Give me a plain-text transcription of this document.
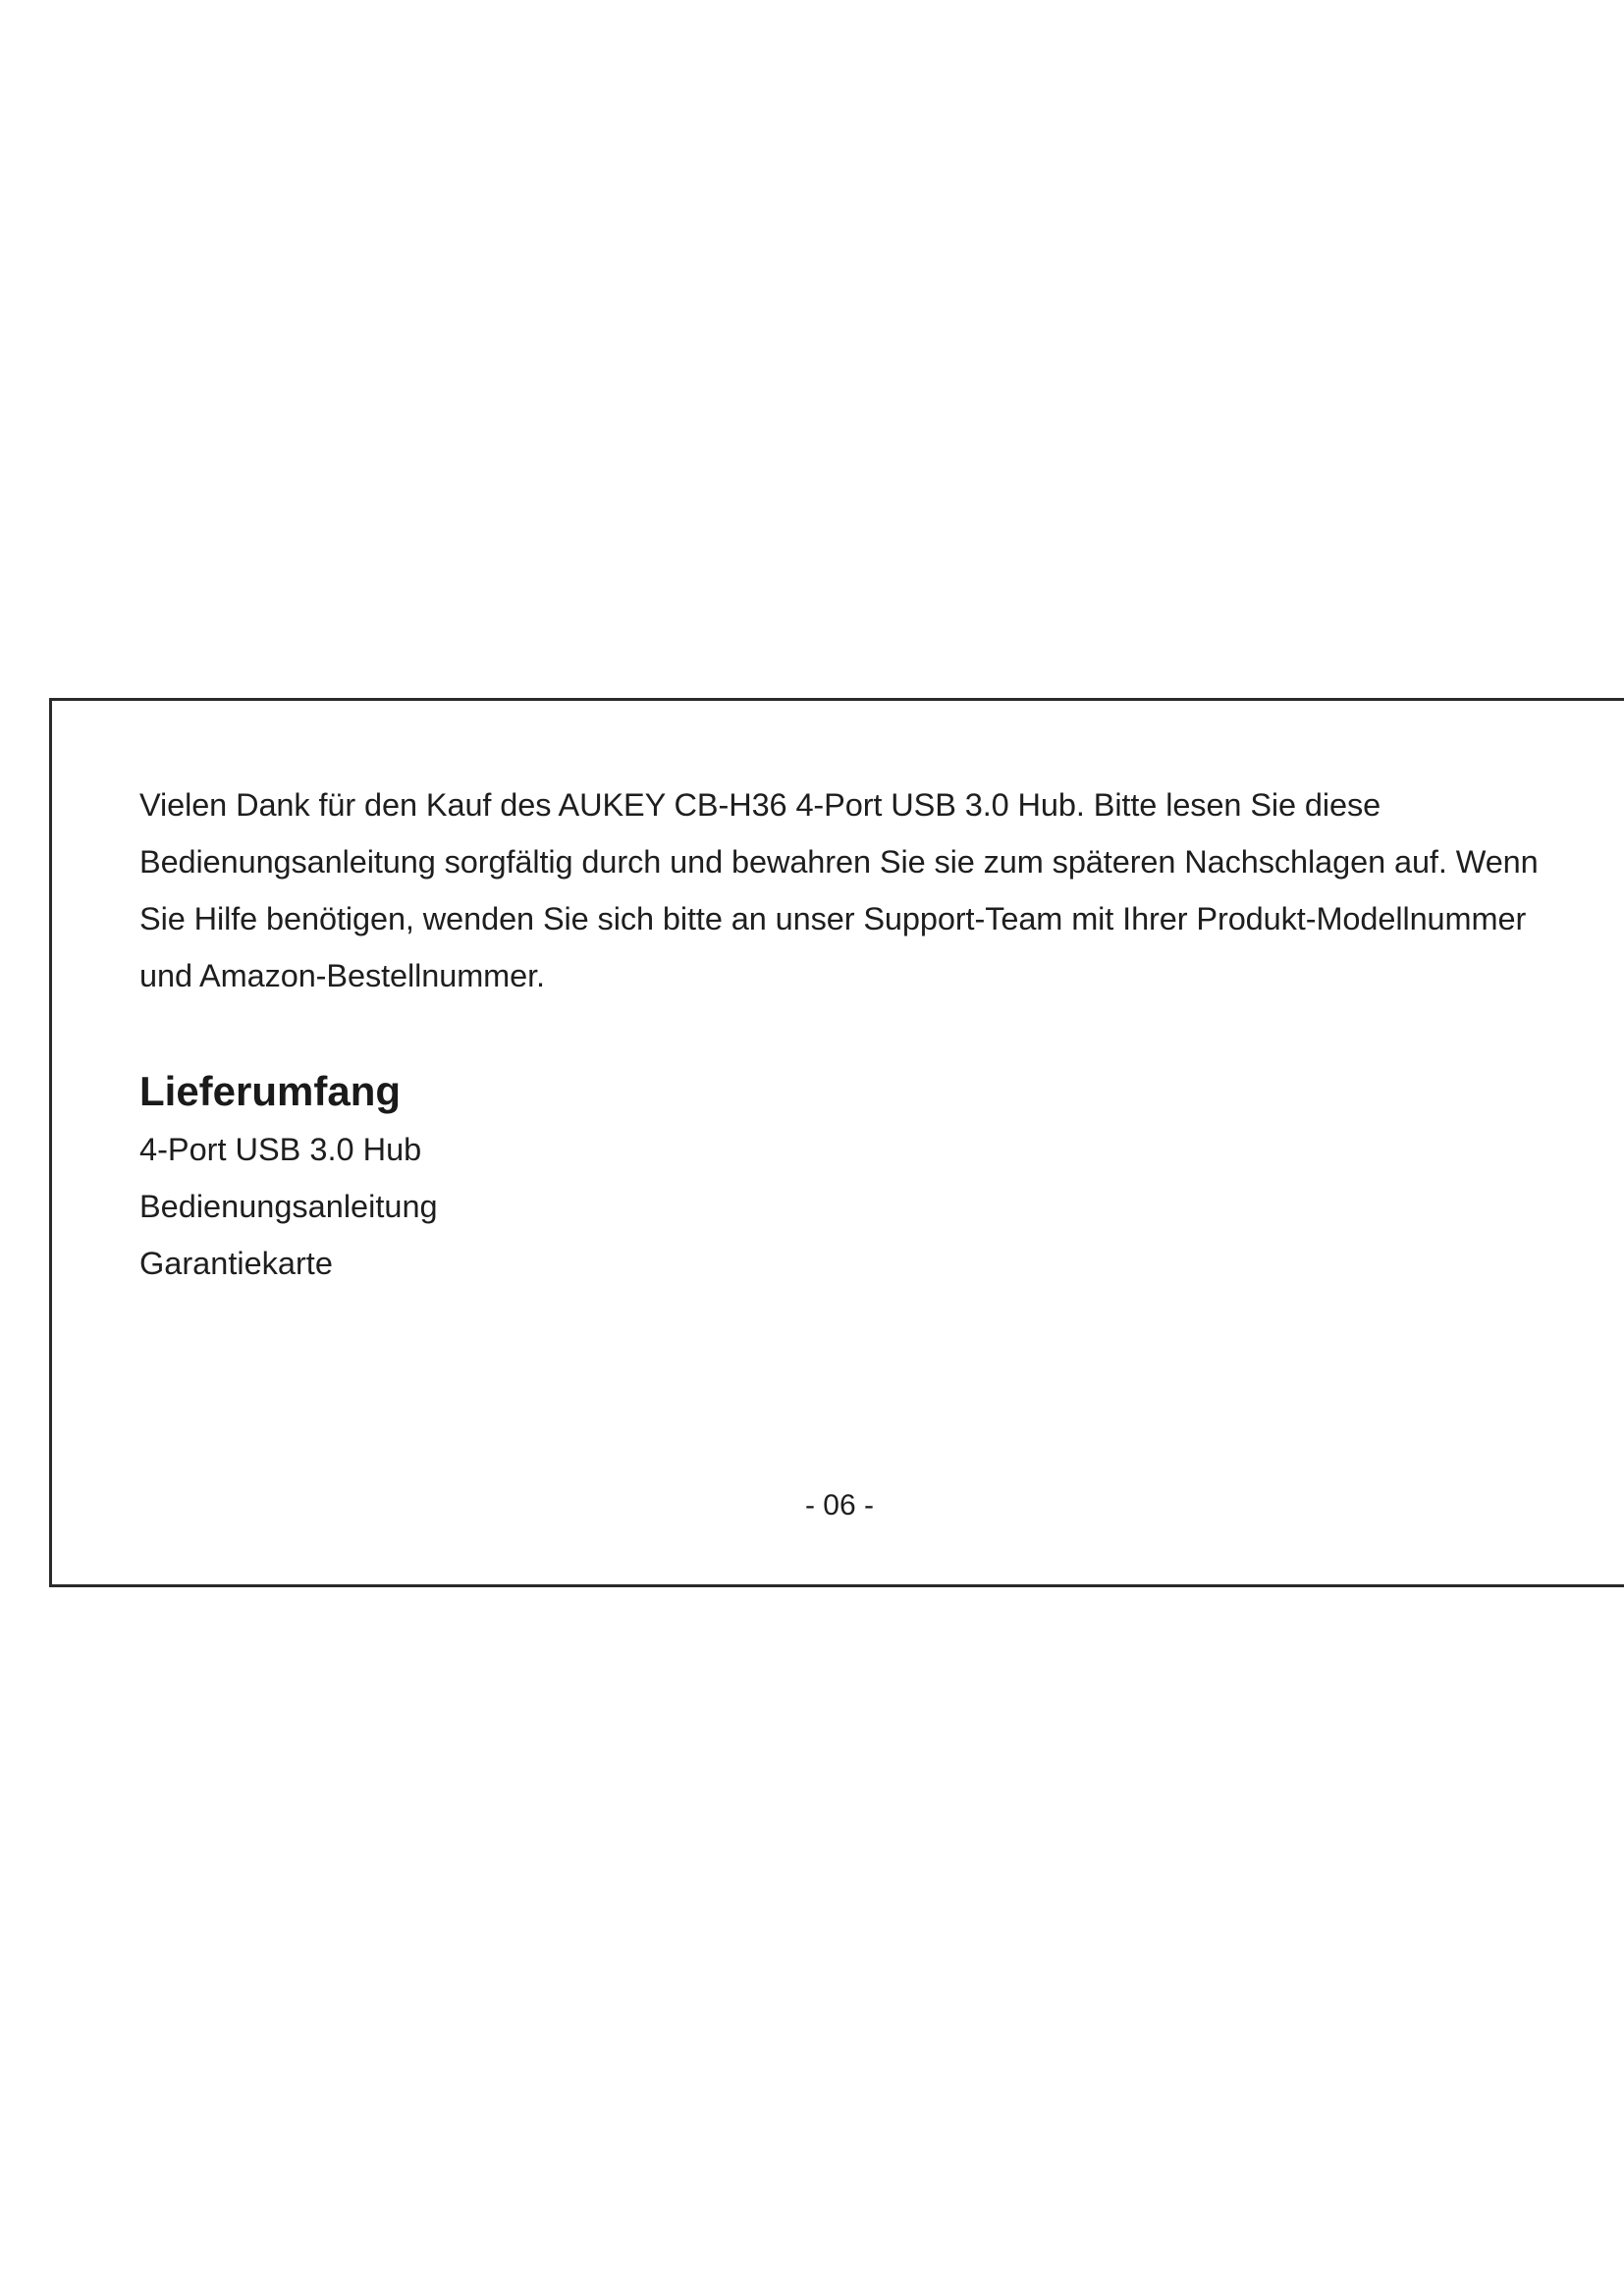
Vielen Dank für den Kauf des AUKEY CB-H36 4-Port USB 3.0 Hub. Bitte lesen Sie diese Bedienungsanleitung sorgfältig durch und bewahren Sie sie zum späteren Nachschlagen auf. Wenn Sie Hilfe benötigen, wenden Sie sich bitte an unser Support-Team mit Ihrer Produkt-Modellnummer und Amazon-Bestellnummer.

Lieferumfang
4-Port USB 3.0 Hub
Bedienungsanleitung
Garantiekarte
- 06 -
